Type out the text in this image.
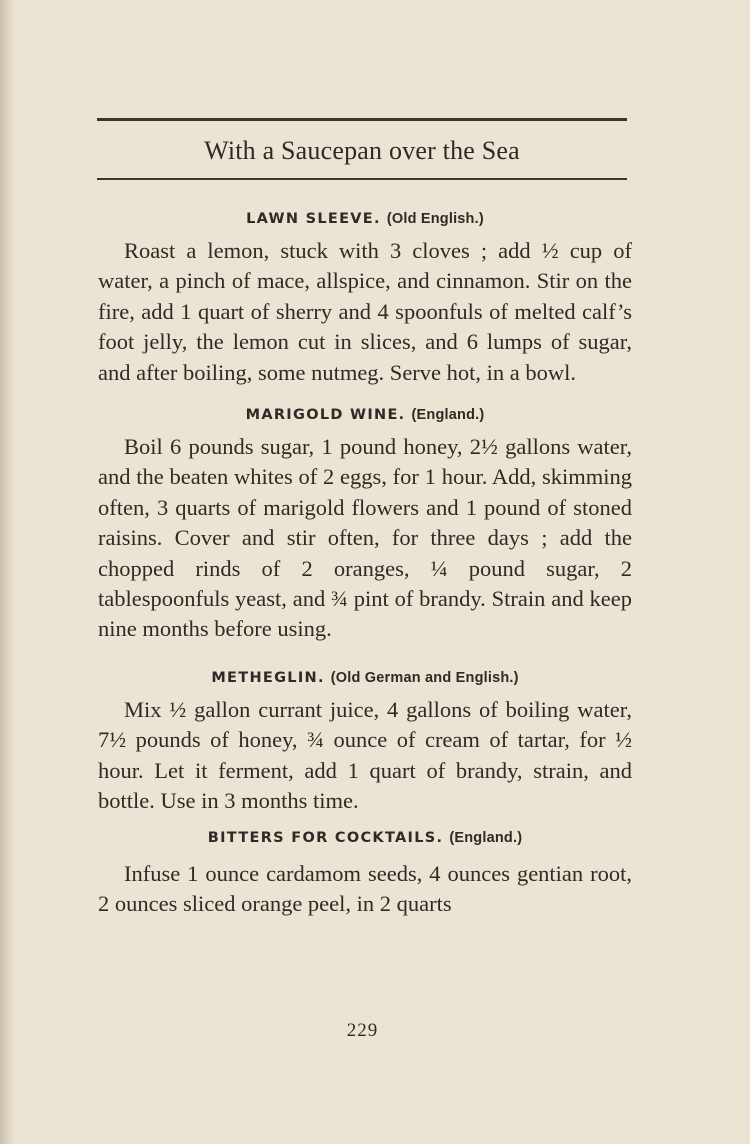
With a Saucepan over the Sea
LAWN SLEEVE. (Old English.)

Roast a lemon, stuck with 3 cloves ; add ½ cup of water, a pinch of mace, allspice, and cinnamon. Stir on the fire, add 1 quart of sherry and 4 spoonfuls of melted calf’s foot jelly, the lemon cut in slices, and 6 lumps of sugar, and after boiling, some nutmeg. Serve hot, in a bowl.

MARIGOLD WINE. (England.)

Boil 6 pounds sugar, 1 pound honey, 2½ gallons water, and the beaten whites of 2 eggs, for 1 hour. Add, skimming often, 3 quarts of marigold flowers and 1 pound of stoned raisins. Cover and stir often, for three days ; add the chopped rinds of 2 oranges, ¼ pound sugar, 2 tablespoonfuls yeast, and ¾ pint of brandy. Strain and keep nine months before using.

METHEGLIN. (Old German and English.)

Mix ½ gallon currant juice, 4 gallons of boiling water, 7½ pounds of honey, ¾ ounce of cream of tartar, for ½ hour. Let it ferment, add 1 quart of brandy, strain, and bottle. Use in 3 months time.

BITTERS FOR COCKTAILS. (England.)

Infuse 1 ounce cardamom seeds, 4 ounces gentian root, 2 ounces sliced orange peel, in 2 quarts

229
